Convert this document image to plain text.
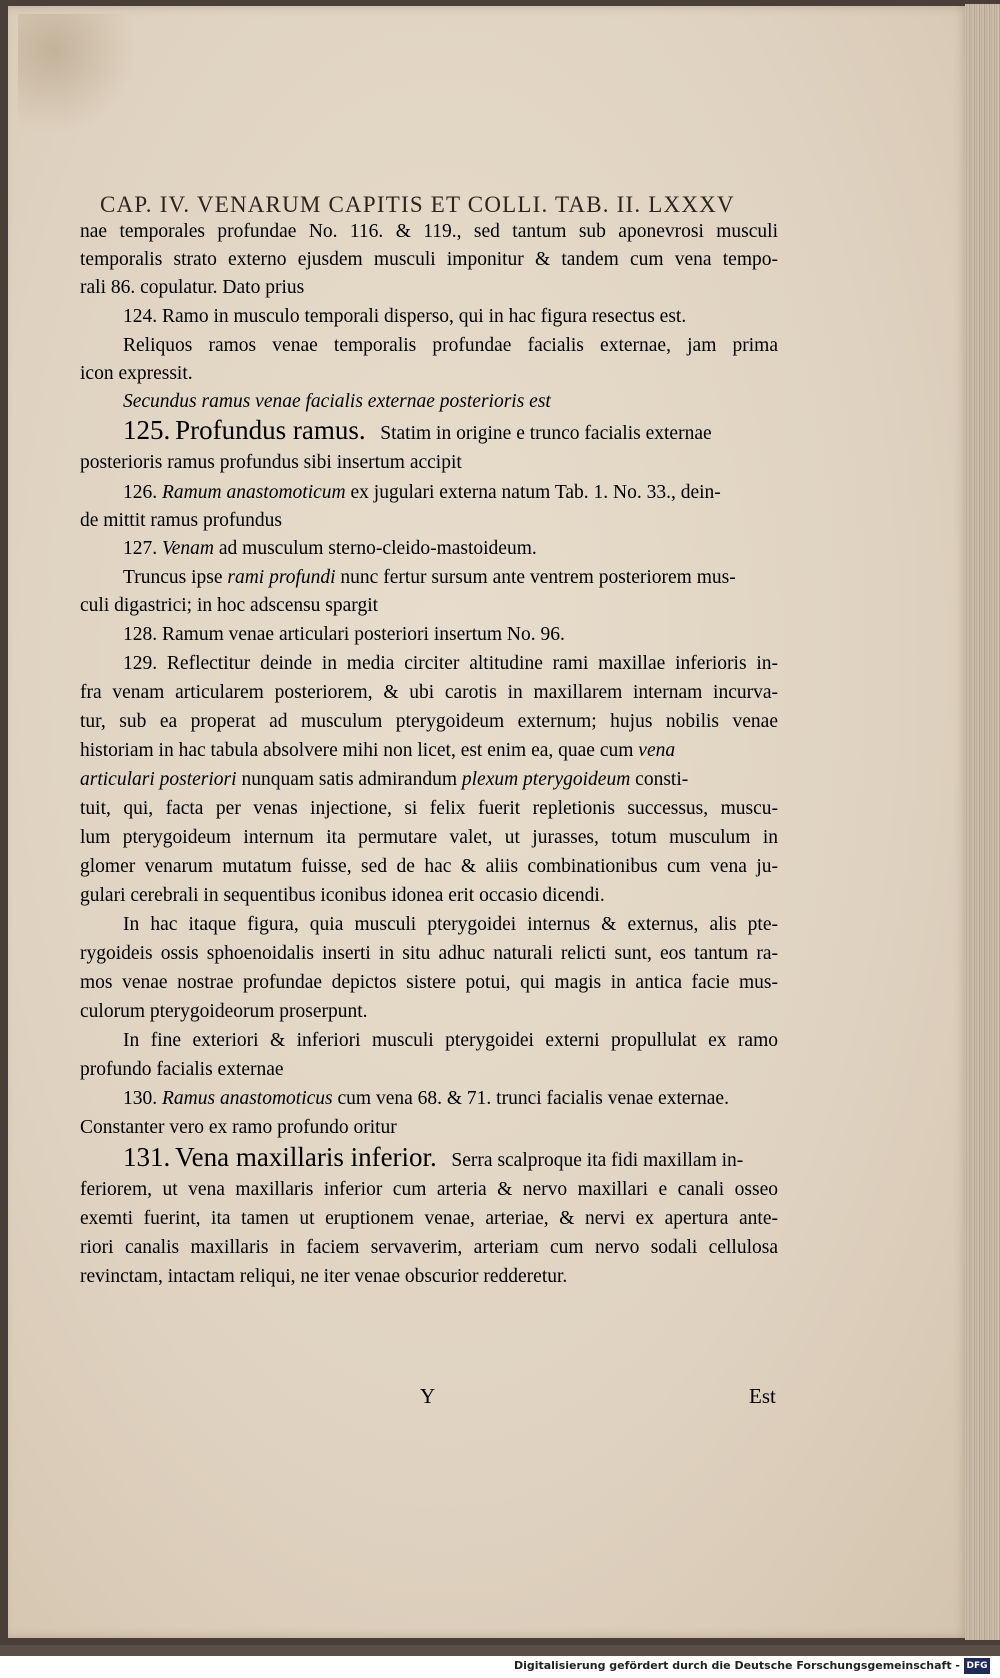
CAP. IV. VENARUM CAPITIS ET COLLI. TAB. II. LXXXV
nae temporales profundae No. 116. & 119., sed tantum sub aponevrosi musculi
temporalis strato externo ejusdem musculi imponitur & tandem cum vena tempo-
rali 86. copulatur. Dato prius
124. Ramo in musculo temporali disperso, qui in hac figura resectus est.
Reliquos ramos venae temporalis profundae facialis externae, jam prima
icon expressit.
Secundus ramus venae facialis externae posterioris est
125. Profundus ramus. Statim in origine e trunco facialis externae
posterioris ramus profundus sibi insertum accipit
126. Ramum anastomoticum ex jugulari externa natum Tab. 1. No. 33., dein-
de mittit ramus profundus
127. Venam ad musculum sterno-cleido-mastoideum.
Truncus ipse rami profundi nunc fertur sursum ante ventrem posteriorem mus-
culi digastrici; in hoc adscensu spargit
128. Ramum venae articulari posteriori insertum No. 96.
129. Reflectitur deinde in media circiter altitudine rami maxillae inferioris in-
fra venam articularem posteriorem, & ubi carotis in maxillarem internam incurva-
tur, sub ea properat ad musculum pterygoideum externum; hujus nobilis venae
historiam in hac tabula absolvere mihi non licet, est enim ea, quae cum vena
articulari posteriori nunquam satis admirandum plexum pterygoideum consti-
tuit, qui, facta per venas injectione, si felix fuerit repletionis successus, muscu-
lum pterygoideum internum ita permutare valet, ut jurasses, totum musculum in
glomer venarum mutatum fuisse, sed de hac & aliis combinationibus cum vena ju-
gulari cerebrali in sequentibus iconibus idonea erit occasio dicendi.
In hac itaque figura, quia musculi pterygoidei internus & externus, alis pte-
rygoideis ossis sphoenoidalis inserti in situ adhuc naturali relicti sunt, eos tantum ra-
mos venae nostrae profundae depictos sistere potui, qui magis in antica facie mus-
culorum pterygoideorum proserpunt.
In fine exteriori & inferiori musculi pterygoidei externi propullulat ex ramo
profundo facialis externae
130. Ramus anastomoticus cum vena 68. & 71. trunci facialis venae externae.
Constanter vero ex ramo profundo oritur
131. Vena maxillaris inferior. Serra scalproque ita fidi maxillam in-
feriorem, ut vena maxillaris inferior cum arteria & nervo maxillari e canali osseo
exemti fuerint, ita tamen ut eruptionem venae, arteriae, & nervi ex apertura ante-
riori canalis maxillaris in faciem servaverim, arteriam cum nervo sodali cellulosa
revinctam, intactam reliqui, ne iter venae obscurior redderetur.
Y	Est
Digitalisierung gefördert durch die Deutsche Forschungsgemeinschaft - DFG
